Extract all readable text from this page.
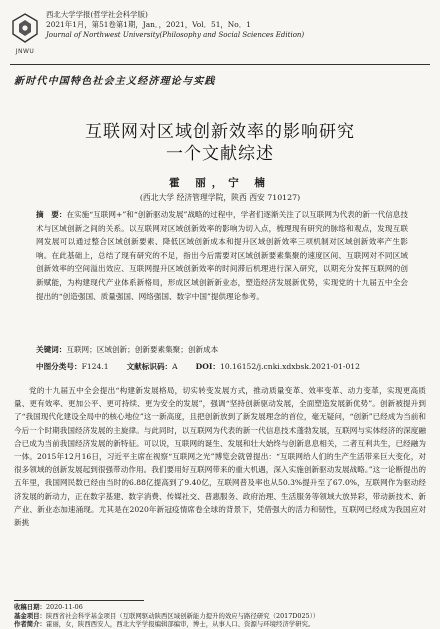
JNWU
西北大学学报(哲学社会科学版)
2021年1月，第51卷第1期，Jan．，2021，Vol．51，No．1
Journal of Northwest University(Philosophy and Social Sciences Edition)
新时代中国特色社会主义经济理论与实践
互联网对区域创新效率的影响研究
一个文献综述
霍 丽，宁 楠
(西北大学 经济管理学院，陕西 西安 710127)
摘　要：在实施“互联网+”和“创新驱动发展”战略的过程中，学者们逐渐关注了以互联网为代表的新一代信息技术与区域创新之间的关系。以互联网对区域创新效率的影响为切入点，梳理现有研究的脉络和观点，发现互联网发展可以通过整合区域创新要素、降低区域创新成本和提升区域创新效率三项机制对区域创新效率产生影响。在此基础上，总结了现有研究的不足，指出今后需要对区域创新要素集聚的速度区间、互联网对不同区域创新效率的空间溢出效应、互联网提升区域创新效率的时间滞后机理进行深入研究，以期充分发挥互联网的创新赋能，为构建现代产业体系新格局，形成区域创新新业态，塑造经济发展新优势，实现党的十九届五中全会提出的“创造强国、质量强国、网络强国、数字中国”提供理论参考。
关键词：互联网；区域创新；创新要素集聚；创新成本
中图分类号：F124.1 文献标识码：A DOI：10.16152/j.cnki.xdxbsk.2021-01-012

党的十九届五中全会提出“构建新发展格局，切实转变发展方式，推动质量变革、效率变革、动力变革，实现更高质量、更有效率、更加公平、更可持续、更为安全的发展”，强调“坚持创新驱动发展，全面塑造发展新优势”。创新被提升到了“我国现代化建设全局中的核心地位”这一新高度，且把创新放到了新发展理念的首位，毫无疑问，“创新”已经成为当前和今后一个时期我国经济发展的主旋律。与此同时，以互联网为代表的新一代信息技术蓬勃发展，互联网与实体经济的深度融合已成为当前我国经济发展的新特征。可以说，互联网的诞生、发展和壮大始终与创新息息相关，二者互利共生，已经融为一体。2015年12月16日，习近平主席在视察“互联网之光”博览会就曾提出：“互联网给人们的生产生活带来巨大变化，对很多领域的创新发展起到很强带动作用。我们要用好互联网带来的重大机遇，深入实施创新驱动发展战略。”这一论断提出的五年里，我国网民数已经由当时的6.88亿提高到了9.40亿，互联网普及率也从50.3%提升至了67.0%，互联网作为驱动经济发展的新动力，正在数字基建、数字消费、传媒社交、普惠服务、政府治理、生活服务等领域大放异彩，带动新技术、新产业、新业态加速涌现。尤其是在2020年新冠疫情席卷全球的背景下，凭借强大的活力和韧性，互联网已经成为我国应对新挑

收稿日期：2020-11-06
基金项目：陕西省社会科学基金项目（互联网驱动陕西区域创新能力提升的效应与路径研究（2017D025））
作者简介：霍丽，女，陕西西安人，西北大学学报编辑部编审，博士，从事人口、资源与环境经济学研究。
